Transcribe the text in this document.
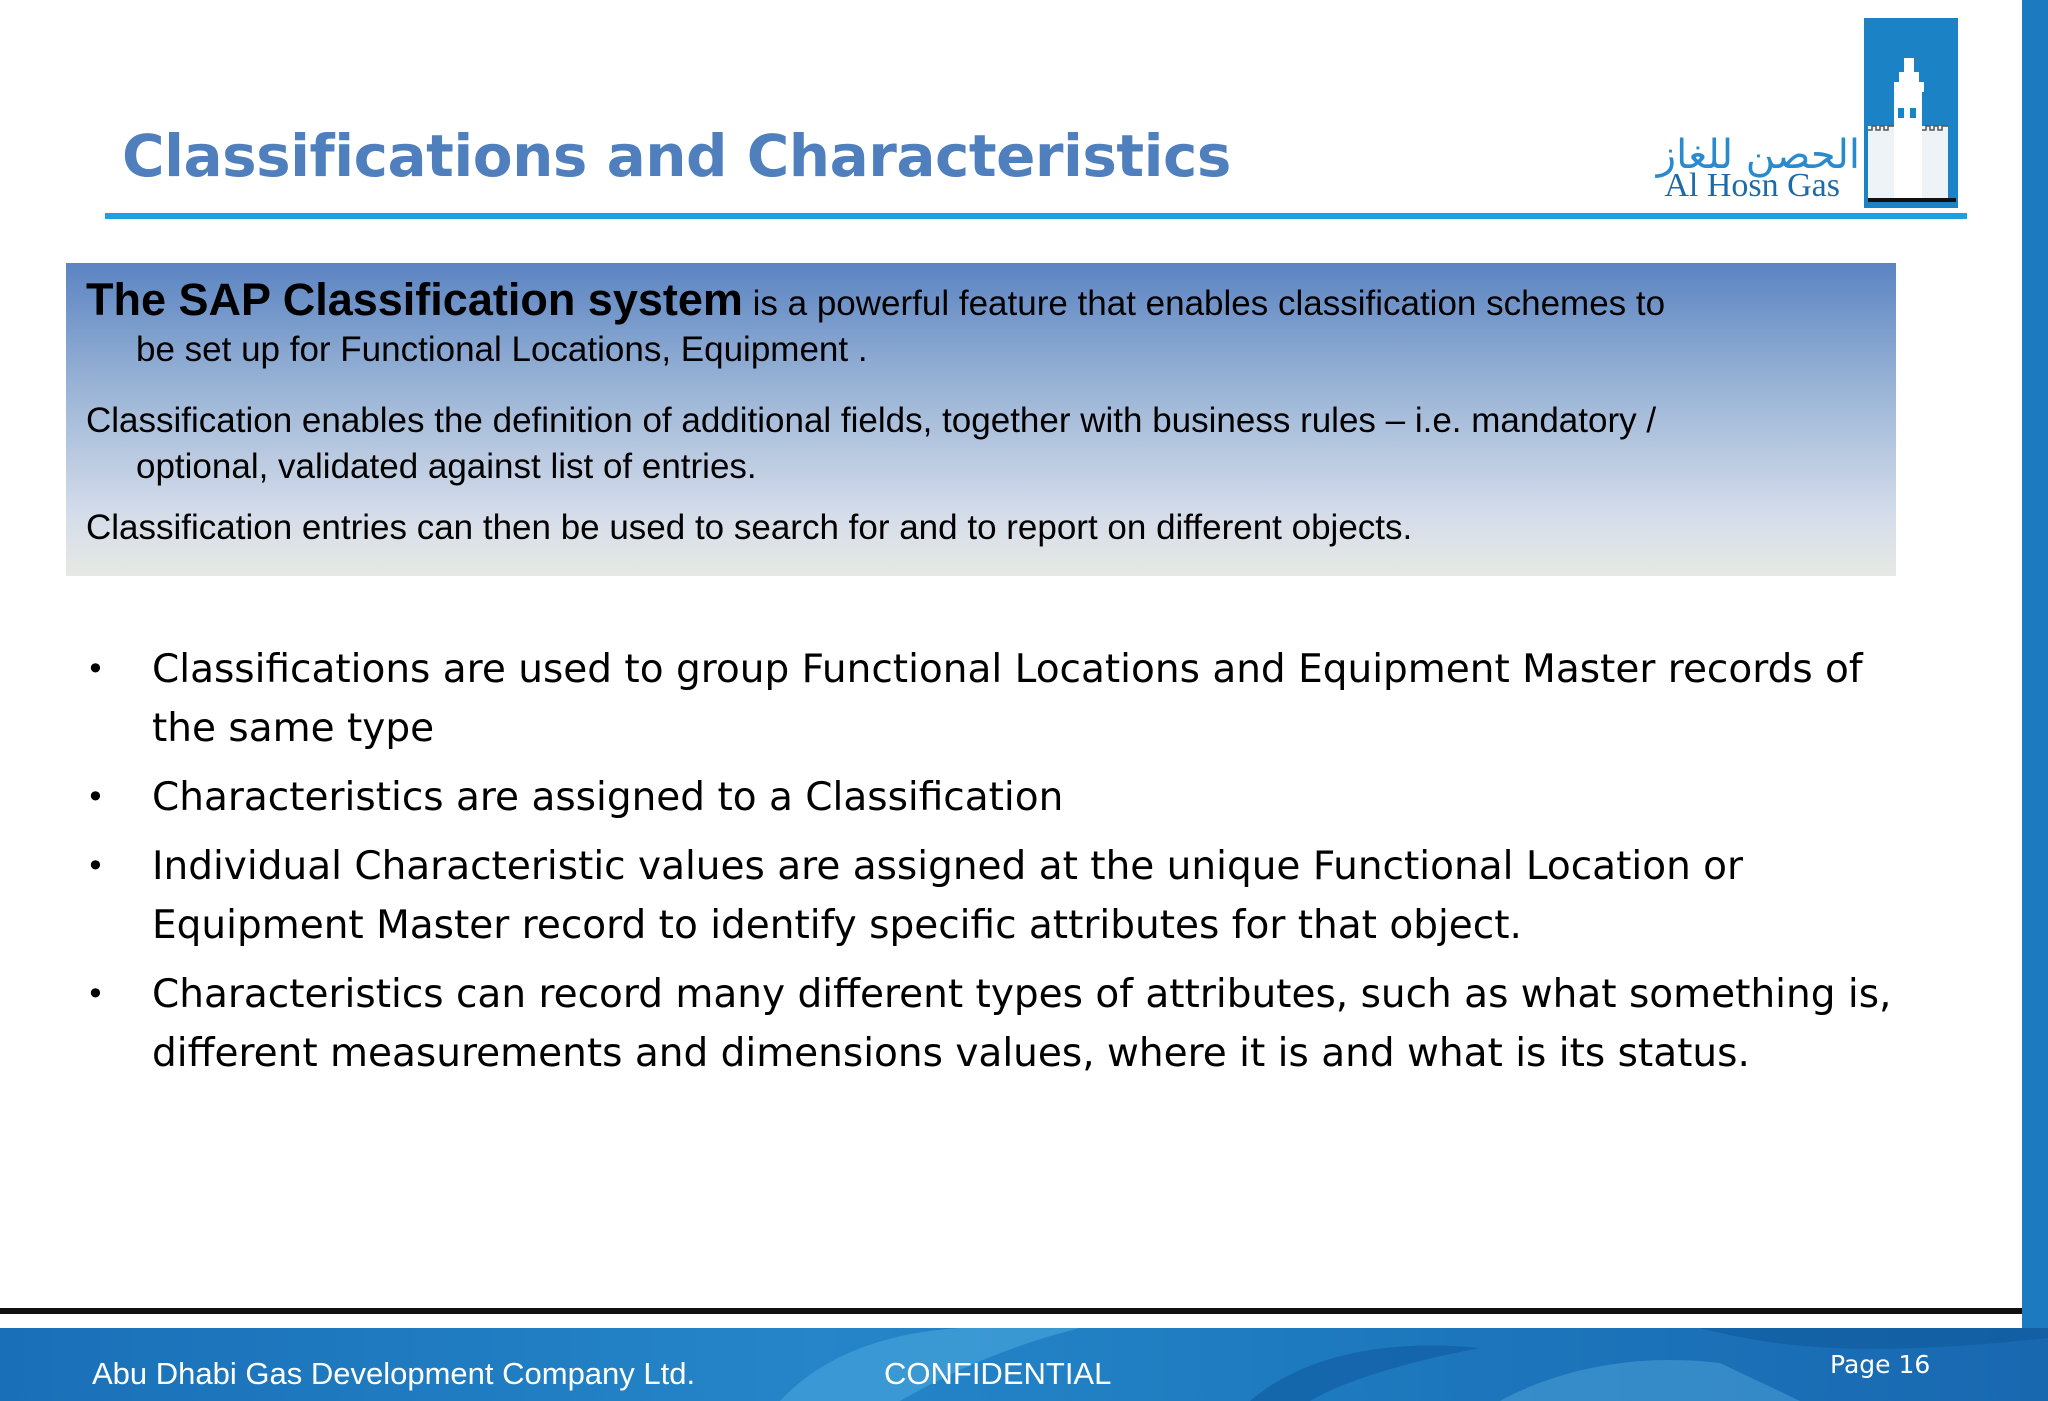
Classifications and Characteristics	الحصن للغاز
Al Hosn Gas
The SAP Classification system is a powerful feature that enables classification schemes to
be set up for Functional Locations, Equipment .
Classification enables the definition of additional fields, together with business rules – i.e. mandatory /
optional, validated against list of entries.
Classification entries can then be used to search for and to report on different objects.
• Classifications are used to group Functional Locations and Equipment Master records of
the same type
• Characteristics are assigned to a Classification
• Individual Characteristic values are assigned at the unique Functional Location or
Equipment Master record to identify specific attributes for that object.
• Characteristics can record many different types of attributes, such as what something is,
different measurements and dimensions values, where it is and what is its status.
Abu Dhabi Gas Development Company Ltd.	CONFIDENTIAL	Page 16
